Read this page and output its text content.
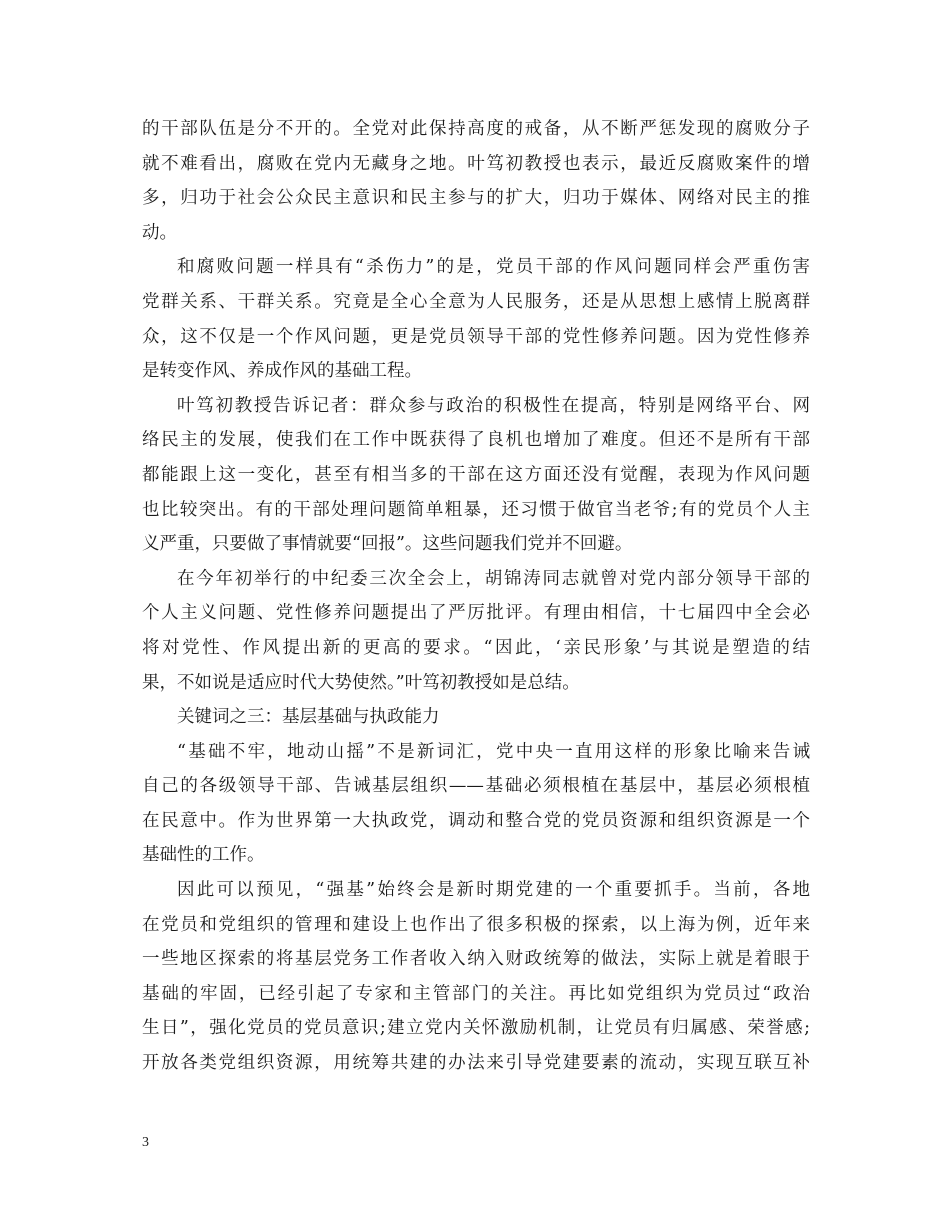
的干部队伍是分不开的。全党对此保持高度的戒备，从不断严惩发现的腐败分子
就不难看出，腐败在党内无藏身之地。叶笃初教授也表示，最近反腐败案件的增
多，归功于社会公众民主意识和民主参与的扩大，归功于媒体、网络对民主的推
动。
和腐败问题一样具有“杀伤力”的是，党员干部的作风问题同样会严重伤害
党群关系、干群关系。究竟是全心全意为人民服务，还是从思想上感情上脱离群
众，这不仅是一个作风问题，更是党员领导干部的党性修养问题。因为党性修养
是转变作风、养成作风的基础工程。
叶笃初教授告诉记者：群众参与政治的积极性在提高，特别是网络平台、网
络民主的发展，使我们在工作中既获得了良机也增加了难度。但还不是所有干部
都能跟上这一变化，甚至有相当多的干部在这方面还没有觉醒，表现为作风问题
也比较突出。有的干部处理问题简单粗暴，还习惯于做官当老爷;有的党员个人主
义严重，只要做了事情就要“回报”。这些问题我们党并不回避。
在今年初举行的中纪委三次全会上，胡锦涛同志就曾对党内部分领导干部的
个人主义问题、党性修养问题提出了严厉批评。有理由相信，十七届四中全会必
将对党性、作风提出新的更高的要求。“因此，‘亲民形象’与其说是塑造的结
果，不如说是适应时代大势使然。”叶笃初教授如是总结。
关键词之三：基层基础与执政能力
“基础不牢，地动山摇”不是新词汇，党中央一直用这样的形象比喻来告诫
自己的各级领导干部、告诫基层组织——基础必须根植在基层中，基层必须根植
在民意中。作为世界第一大执政党，调动和整合党的党员资源和组织资源是一个
基础性的工作。
因此可以预见，“强基”始终会是新时期党建的一个重要抓手。当前，各地
在党员和党组织的管理和建设上也作出了很多积极的探索，以上海为例，近年来
一些地区探索的将基层党务工作者收入纳入财政统筹的做法，实际上就是着眼于
基础的牢固，已经引起了专家和主管部门的关注。再比如党组织为党员过“政治
生日”，强化党员的党员意识;建立党内关怀激励机制，让党员有归属感、荣誉感;
开放各类党组织资源，用统筹共建的办法来引导党建要素的流动，实现互联互补
3
